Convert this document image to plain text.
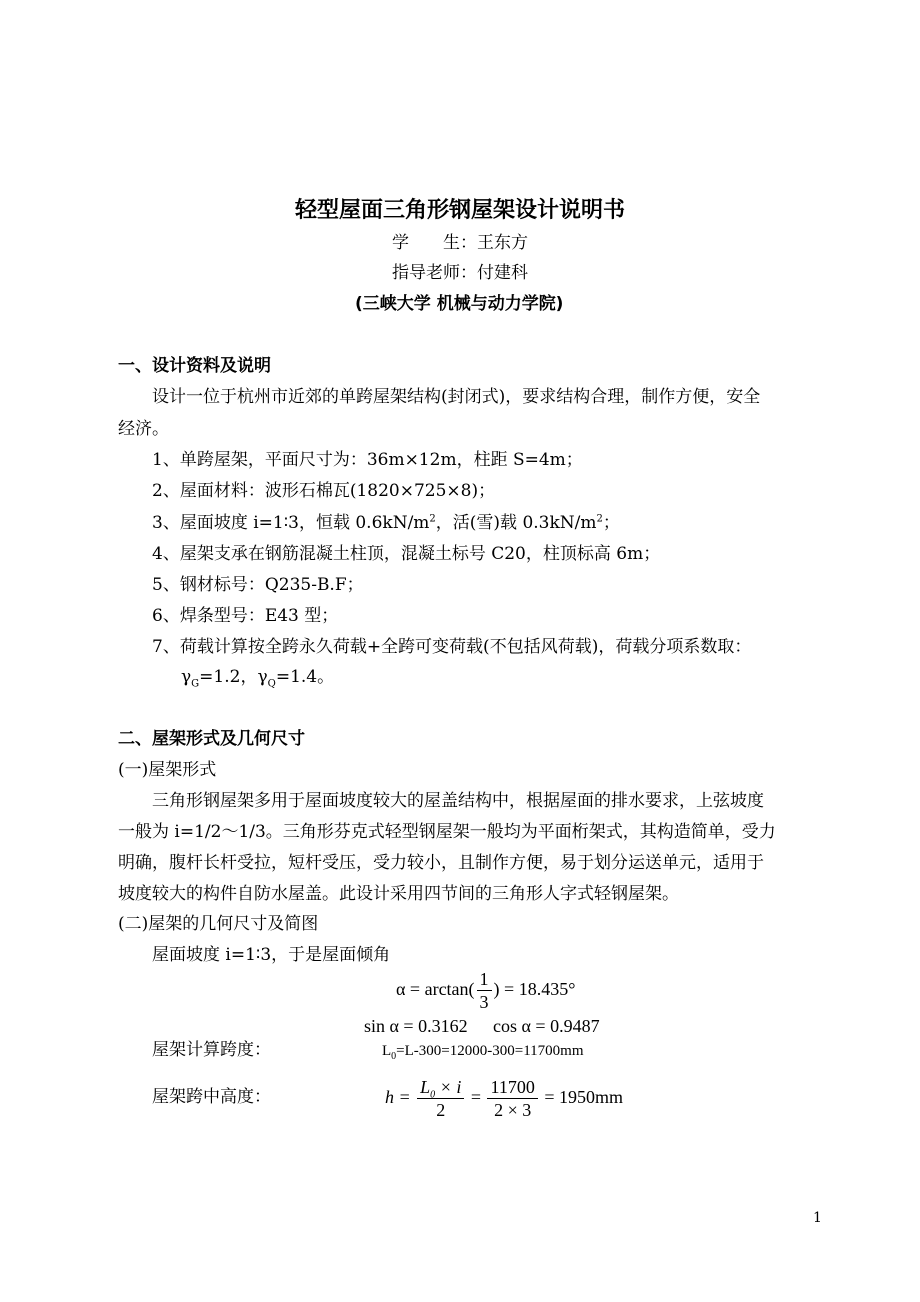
轻型屋面三角形钢屋架设计说明书
学　　生：王东方
指导老师：付建科
(三峡大学 机械与动力学院)
一、设计资料及说明
设计一位于杭州市近郊的单跨屋架结构(封闭式)，要求结构合理，制作方便，安全
经济。
1、单跨屋架，平面尺寸为：36m×12m，柱距 S=4m；
2、屋面材料：波形石棉瓦(1820×725×8)；
3、屋面坡度 i=1∶3，恒载 $0.6kN/m^2$，活(雪)载 $0.3kN/m^2$；
4、屋架支承在钢筋混凝土柱顶，混凝土标号 C20，柱顶标高 6m；
5、钢材标号：Q235-B.F；
6、焊条型号：E43 型；
7、荷载计算按全跨永久荷载+全跨可变荷载(不包括风荷载)，荷载分项系数取：
$\gamma_G=1.2$，$\gamma_Q=1.4$。
二、屋架形式及几何尺寸
(一)屋架形式
三角形钢屋架多用于屋面坡度较大的屋盖结构中，根据屋面的排水要求，上弦坡度
一般为 i=1/2～1/3。三角形芬克式轻型钢屋架一般均为平面桁架式，其构造简单，受力
明确，腹杆长杆受拉，短杆受压，受力较小，且制作方便，易于划分运送单元，适用于
坡度较大的构件自防水屋盖。此设计采用四节间的三角形人字式轻钢屋架。
(二)屋架的几何尺寸及简图
屋面坡度 i=1∶3，于是屋面倾角
$\alpha = \arctan( \frac{1}{3}$ ) = 18.435°
sin α = 0.3162 cos α = 0.9487
屋架计算跨度：	$L_0=L-300=12000-300=11700mm$
屋架跨中高度：	$h = \frac{L_0 \times i}{2} = \frac{11700}{2 \times 3} = 1950mm$
1
